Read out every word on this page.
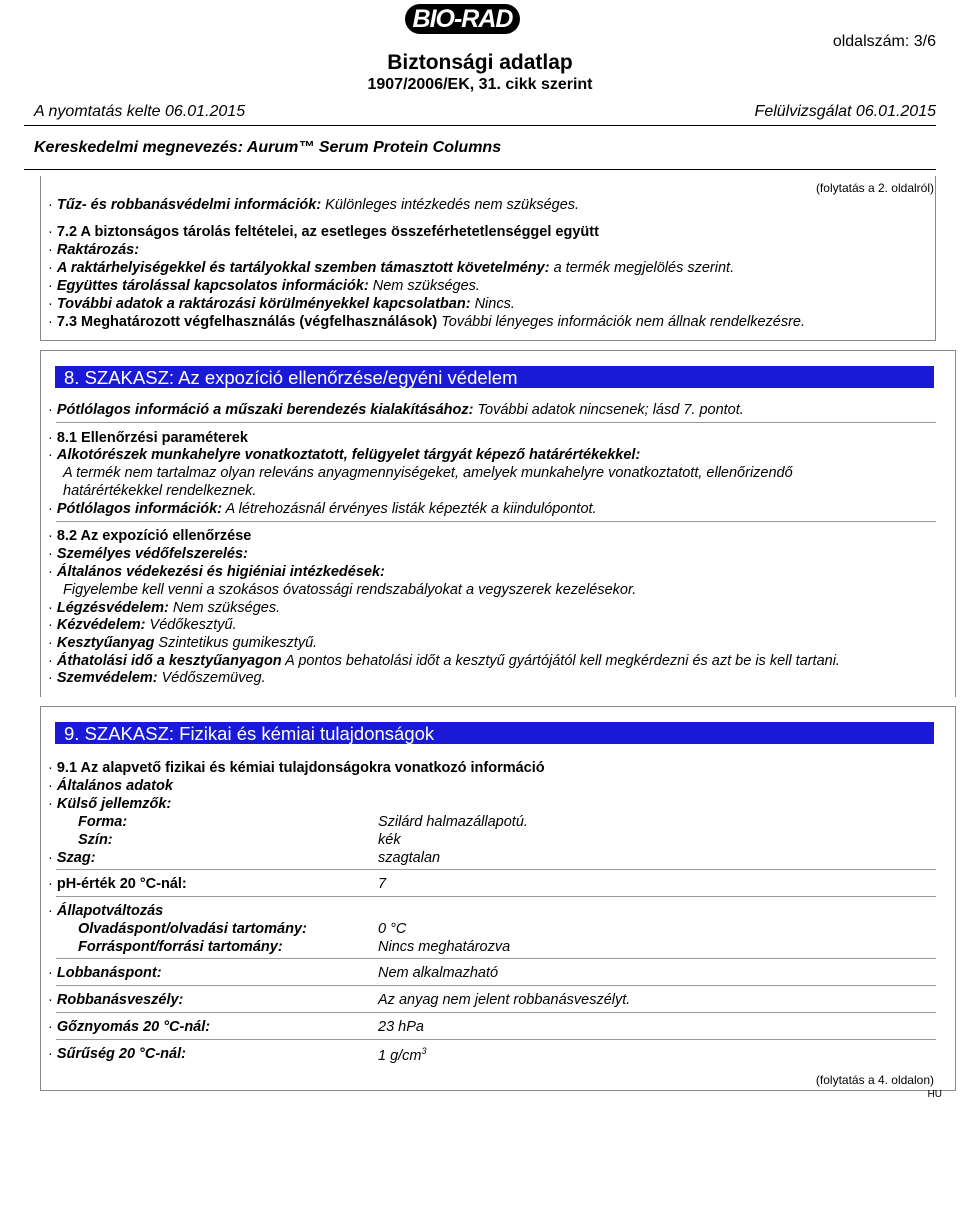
BIO-RAD
oldalszám: 3/6
Biztonsági adatlap
1907/2006/EK, 31. cikk szerint
A nyomtatás kelte 06.01.2015	Felülvizsgálat 06.01.2015
Kereskedelmi megnevezés: Aurum™ Serum Protein Columns
(folytatás a 2. oldalról)
· Tűz- és robbanásvédelmi információk: Különleges intézkedés nem szükséges.
· 7.2 A biztonságos tárolás feltételei, az esetleges összeférhetetlenséggel együtt
· Raktározás:
· A raktárhelyiségekkel és tartályokkal szemben támasztott követelmény: a termék megjelölés szerint.
· Együttes tárolással kapcsolatos információk: Nem szükséges.
· További adatok a raktározási körülményekkel kapcsolatban: Nincs.
· 7.3 Meghatározott végfelhasználás (végfelhasználások) További lényeges információk nem állnak rendelkezésre.
8. SZAKASZ: Az expozíció ellenőrzése/egyéni védelem
· Pótlólagos információ a műszaki berendezés kialakításához: További adatok nincsenek; lásd 7. pontot.
· 8.1 Ellenőrzési paraméterek
· Alkotórészek munkahelyre vonatkoztatott, felügyelet tárgyát képező határértékekkel:
A termék nem tartalmaz olyan releváns anyagmennyiségeket, amelyek munkahelyre vonatkoztatott, ellenőrizendő
határértékekkel rendelkeznek.
· Pótlólagos információk: A létrehozásnál érvényes listák képezték a kiindulópontot.
· 8.2 Az expozíció ellenőrzése
· Személyes védőfelszerelés:
· Általános védekezési és higiéniai intézkedések:
Figyelembe kell venni a szokásos óvatossági rendszabályokat a vegyszerek kezelésekor.
· Légzésvédelem: Nem szükséges.
· Kézvédelem: Védőkesztyű.
· Kesztyűanyag Szintetikus gumikesztyű.
· Áthatolási idő a kesztyűanyagon A pontos behatolási időt a kesztyű gyártójától kell megkérdezni és azt be is kell tartani.
· Szemvédelem: Védőszemüveg.
9. SZAKASZ: Fizikai és kémiai tulajdonságok
· 9.1 Az alapvető fizikai és kémiai tulajdonságokra vonatkozó információ
· Általános adatok
· Külső jellemzők:
Forma:	Szilárd halmazállapotú.
Szín:	kék
· Szag:	szagtalan
· pH-érték 20 °C-nál:	7
· Állapotváltozás
Olvadáspont/olvadási tartomány:	0 °C
Forráspont/forrási tartomány:	Nincs meghatározva
· Lobbanáspont:	Nem alkalmazható
· Robbanásveszély:	Az anyag nem jelent robbanásveszélyt.
· Gőznyomás 20 °C-nál:	23 hPa
· Sűrűség 20 °C-nál:	1 $g/cm^3$
(folytatás a 4. oldalon)
HU
